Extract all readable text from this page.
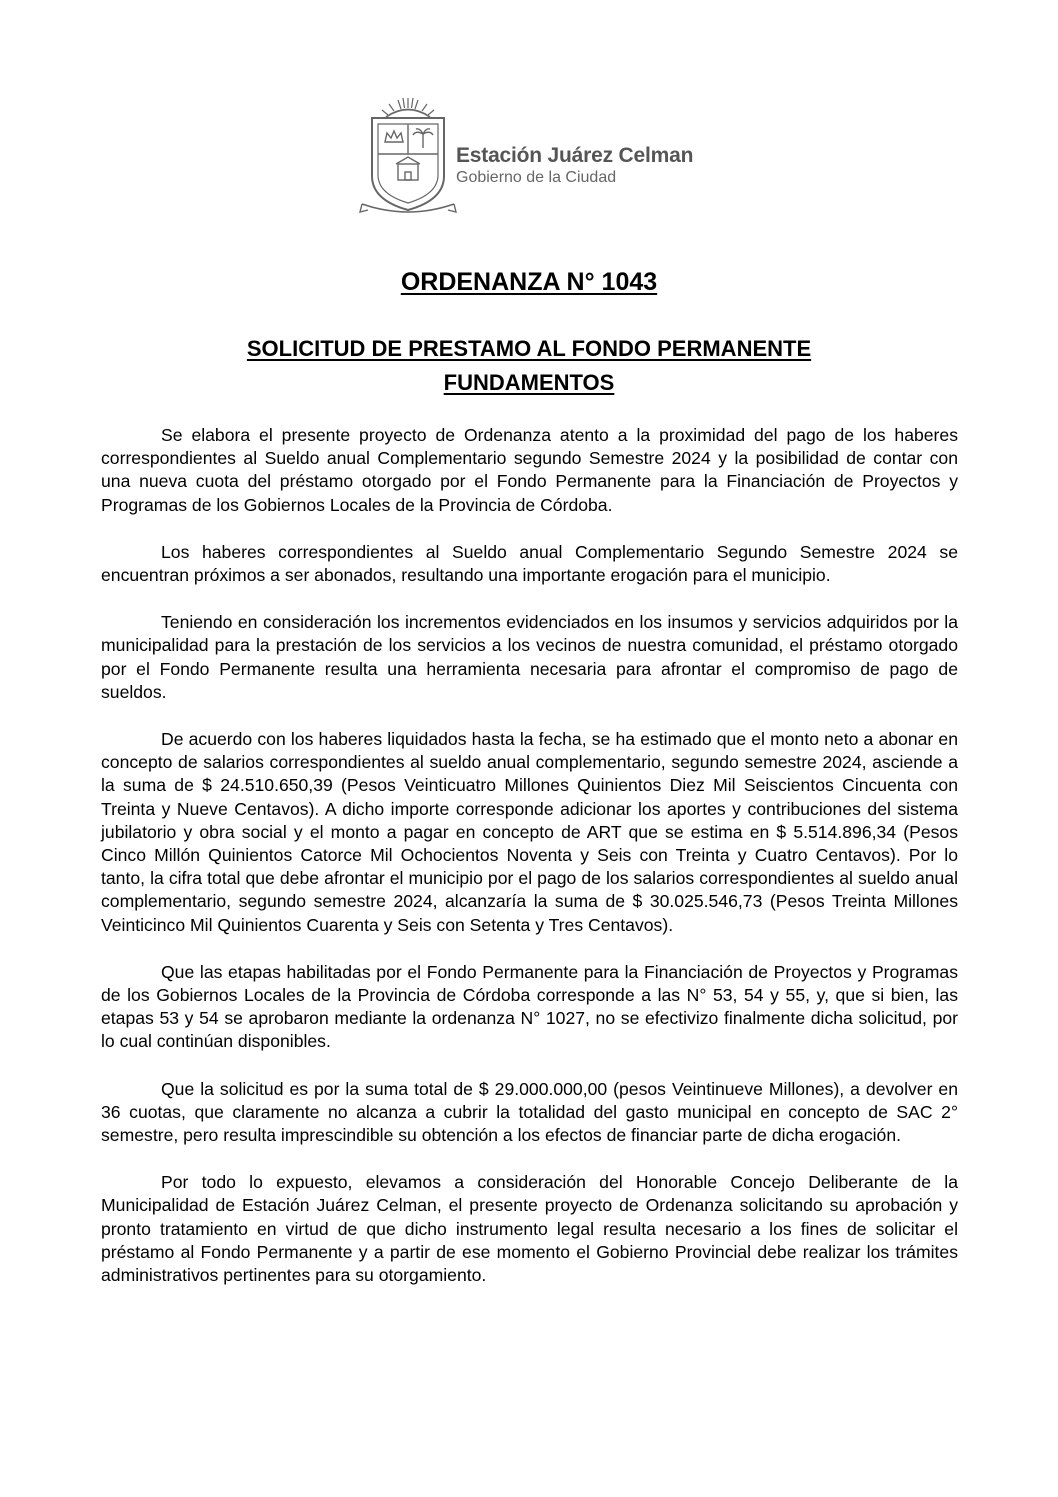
Estación Juárez Celman
Gobierno de la Ciudad
ORDENANZA N° 1043
SOLICITUD DE PRESTAMO AL FONDO PERMANENTE
FUNDAMENTOS

Se elabora el presente proyecto de Ordenanza atento a la proximidad del pago de los haberes correspondientes al Sueldo anual Complementario segundo Semestre 2024 y la posibilidad de contar con una nueva cuota del préstamo otorgado por el Fondo Permanente para la Financiación de Proyectos y Programas de los Gobiernos Locales de la Provincia de Córdoba.

Los haberes correspondientes al Sueldo anual Complementario Segundo Semestre 2024 se encuentran próximos a ser abonados, resultando una importante erogación para el municipio.

Teniendo en consideración los incrementos evidenciados en los insumos y servicios adquiridos por la municipalidad para la prestación de los servicios a los vecinos de nuestra comunidad, el préstamo otorgado por el Fondo Permanente resulta una herramienta necesaria para afrontar el compromiso de pago de sueldos.

De acuerdo con los haberes liquidados hasta la fecha, se ha estimado que el monto neto a abonar en concepto de salarios correspondientes al sueldo anual complementario, segundo semestre 2024, asciende a la suma de $ 24.510.650,39 (Pesos Veinticuatro Millones Quinientos Diez Mil Seiscientos Cincuenta con Treinta y Nueve Centavos). A dicho importe corresponde adicionar los aportes y contribuciones del sistema jubilatorio y obra social y el monto a pagar en concepto de ART que se estima en $ 5.514.896,34 (Pesos Cinco Millón Quinientos Catorce Mil Ochocientos Noventa y Seis con Treinta y Cuatro Centavos). Por lo tanto, la cifra total que debe afrontar el municipio por el pago de los salarios correspondientes al sueldo anual complementario, segundo semestre 2024, alcanzaría la suma de $ 30.025.546,73 (Pesos Treinta Millones Veinticinco Mil Quinientos Cuarenta y Seis con Setenta y Tres Centavos).

Que las etapas habilitadas por el Fondo Permanente para la Financiación de Proyectos y Programas de los Gobiernos Locales de la Provincia de Córdoba corresponde a las N° 53, 54 y 55, y, que si bien, las etapas 53 y 54 se aprobaron mediante la ordenanza N° 1027, no se efectivizo finalmente dicha solicitud, por lo cual continúan disponibles.

Que la solicitud es por la suma total de $ 29.000.000,00 (pesos Veintinueve Millones), a devolver en 36 cuotas, que claramente no alcanza a cubrir la totalidad del gasto municipal en concepto de SAC 2° semestre, pero resulta imprescindible su obtención a los efectos de financiar parte de dicha erogación.

Por todo lo expuesto, elevamos a consideración del Honorable Concejo Deliberante de la Municipalidad de Estación Juárez Celman, el presente proyecto de Ordenanza solicitando su aprobación y pronto tratamiento en virtud de que dicho instrumento legal resulta necesario a los fines de solicitar el préstamo al Fondo Permanente y a partir de ese momento el Gobierno Provincial debe realizar los trámites administrativos pertinentes para su otorgamiento.
